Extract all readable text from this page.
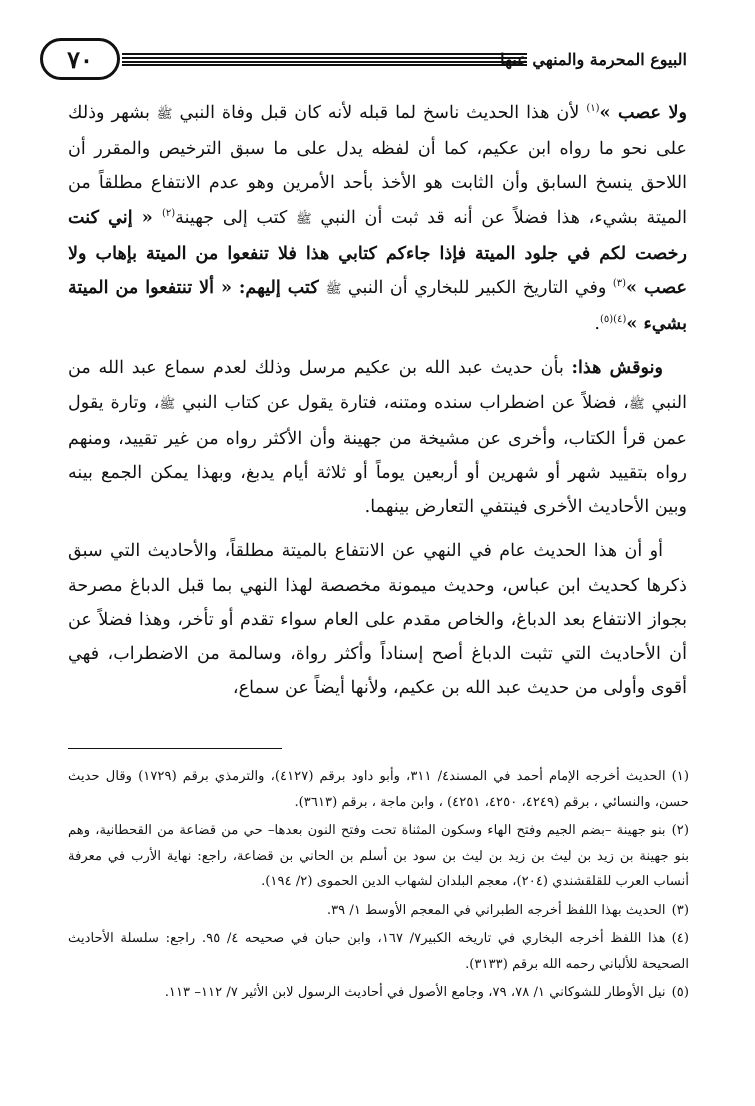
٧٠	البيوع المحرمة والمنهي عنها

ولا عصب »$^{(١)}$ لأن هذا الحديث ناسخ لما قبله لأنه كان قبل وفاة النبي ﷺ بشهر وذلك على نحو ما رواه ابن عكيم، كما أن لفظه يدل على ما سبق الترخيص والمقرر أن اللاحق ينسخ السابق وأن الثابت هو الأخذ بأحد الأمرين وهو عدم الانتفاع مطلقاً من الميتة بشيء، هذا فضلاً عن أنه قد ثبت أن النبي ﷺ كتب إلى جهينة$^{(٢)}$ « إني كنت رخصت لكم في جلود الميتة فإذا جاءكم كتابي هذا فلا تنفعوا من الميتة بإهاب ولا عصب »$^{(٣)}$ وفي التاريخ الكبير للبخاري أن النبي ﷺ كتب إليهم: « ألا تنتفعوا من الميتة بشيء »$^{(٤)(٥)}$.

ونوقش هذا: بأن حديث عبد الله بن عكيم مرسل وذلك لعدم سماع عبد الله من النبي ﷺ، فضلاً عن اضطراب سنده ومتنه، فتارة يقول عن كتاب النبي ﷺ، وتارة يقول عمن قرأ الكتاب، وأخرى عن مشيخة من جهينة وأن الأكثر رواه من غير تقييد، ومنهم رواه بتقييد شهر أو شهرين أو أربعين يوماً أو ثلاثة أيام يدبغ، وبهذا يمكن الجمع بينه وبين الأحاديث الأخرى فينتفي التعارض بينهما.

أو أن هذا الحديث عام في النهي عن الانتفاع بالميتة مطلقاً، والأحاديث التي سبق ذكرها كحديث ابن عباس، وحديث ميمونة مخصصة لهذا النهي بما قبل الدباغ مصرحة بجواز الانتفاع بعد الدباغ، والخاص مقدم على العام سواء تقدم أو تأخر، وهذا فضلاً عن أن الأحاديث التي تثبت الدباغ أصح إسناداً وأكثر رواة، وسالمة من الاضطراب، فهي أقوى وأولى من حديث عبد الله بن عكيم، ولأنها أيضاً عن سماع،

(١)الحديث أخرجه الإمام أحمد في المسند٤/ ٣١١، وأبو داود برقم (٤١٢٧)، والترمذي برقم (١٧٢٩) وقال حديث حسن، والنسائي ، برقم (٤٢٤٩، ٤٢٥٠، ٤٢٥١) ، وابن ماجة ، برقم (٣٦١٣).

(٢)بنو جهينة –بضم الجيم وفتح الهاء وسكون المثناة تحت وفتح النون بعدها– حي من قضاعة من القحطانية، وهم بنو جهينة بن زيد بن ليث بن زيد بن ليث بن سود بن أسلم بن الحاني بن قضاعة، راجع: نهاية الأرب في معرفة أنساب العرب للقلقشندي (٢٠٤)، معجم البلدان لشهاب الدين الحموى (٢/ ١٩٤).

(٣)الحديث بهذا اللفظ أخرجه الطبراني في المعجم الأوسط ١/ ٣٩.

(٤)هذا اللفظ أخرجه البخاري في تاريخه الكبير٧/ ١٦٧، وابن حبان في صحيحه ٤/ ٩٥. راجع: سلسلة الأحاديث الصحيحة للألباني رحمه الله برقم (٣١٣٣).

(٥)نيل الأوطار للشوكاني ١/ ٧٨، ٧٩، وجامع الأصول في أحاديث الرسول لابن الأثير ٧/ ١١٢– ١١٣.
